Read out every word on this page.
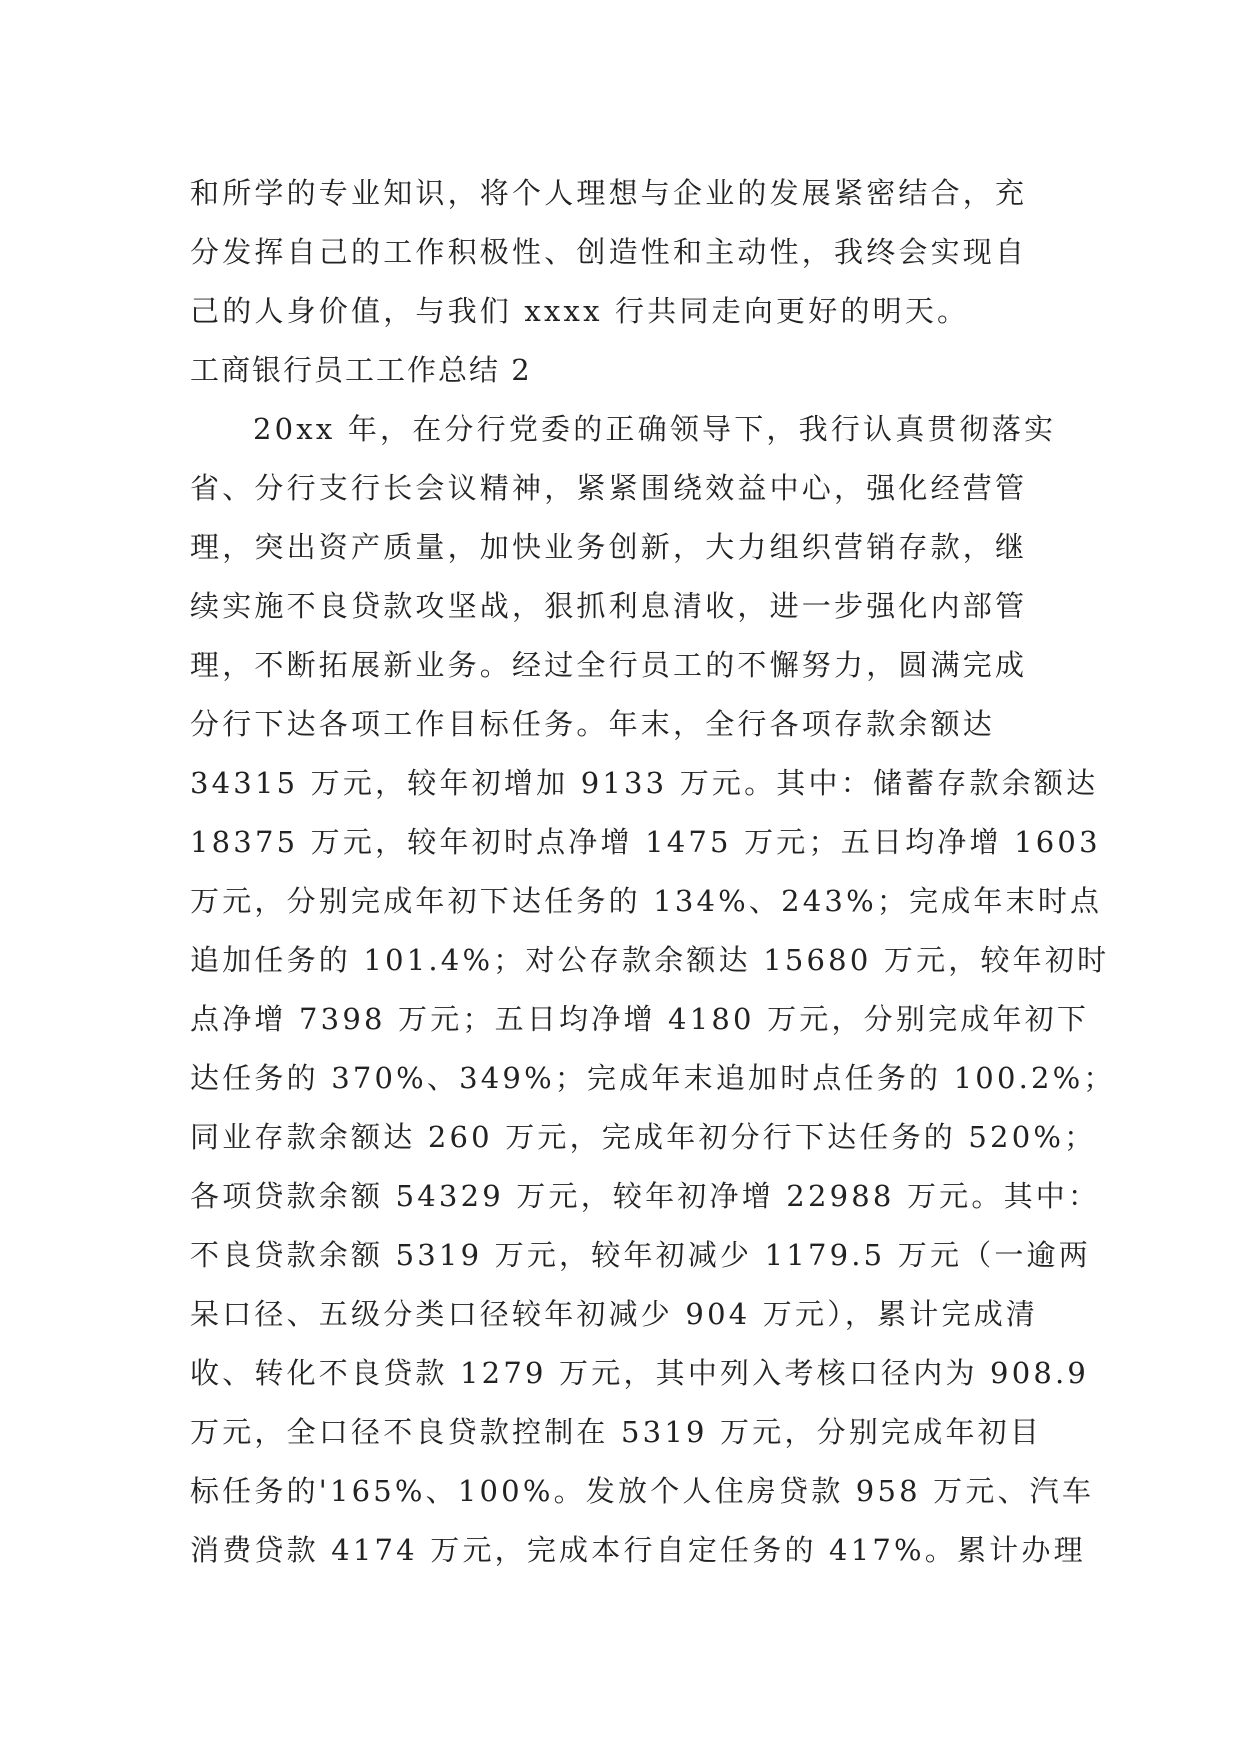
和所学的专业知识，将个人理想与企业的发展紧密结合，充
分发挥自己的工作积极性、创造性和主动性，我终会实现自
己的人身价值，与我们 xxxx 行共同走向更好的明天。
工商银行员工工作总结 2
20xx 年，在分行党委的正确领导下，我行认真贯彻落实
省、分行支行长会议精神，紧紧围绕效益中心，强化经营管
理，突出资产质量，加快业务创新，大力组织营销存款，继
续实施不良贷款攻坚战，狠抓利息清收，进一步强化内部管
理，不断拓展新业务。经过全行员工的不懈努力，圆满完成
分行下达各项工作目标任务。年末，全行各项存款余额达
34315 万元，较年初增加 9133 万元。其中：储蓄存款余额达
18375 万元，较年初时点净增 1475 万元；五日均净增 1603
万元，分别完成年初下达任务的 134%、243%；完成年末时点
追加任务的 101.4%；对公存款余额达 15680 万元，较年初时
点净增 7398 万元；五日均净增 4180 万元，分别完成年初下
达任务的 370%、349%；完成年末追加时点任务的 100.2%；
同业存款余额达 260 万元，完成年初分行下达任务的 520%；
各项贷款余额 54329 万元，较年初净增 22988 万元。其中：
不良贷款余额 5319 万元，较年初减少 1179.5 万元（一逾两
呆口径、五级分类口径较年初减少 904 万元），累计完成清
收、转化不良贷款 1279 万元，其中列入考核口径内为 908.9
万元，全口径不良贷款控制在 5319 万元，分别完成年初目
标任务的'165%、100%。发放个人住房贷款 958 万元、汽车
消费贷款 4174 万元，完成本行自定任务的 417%。累计办理
